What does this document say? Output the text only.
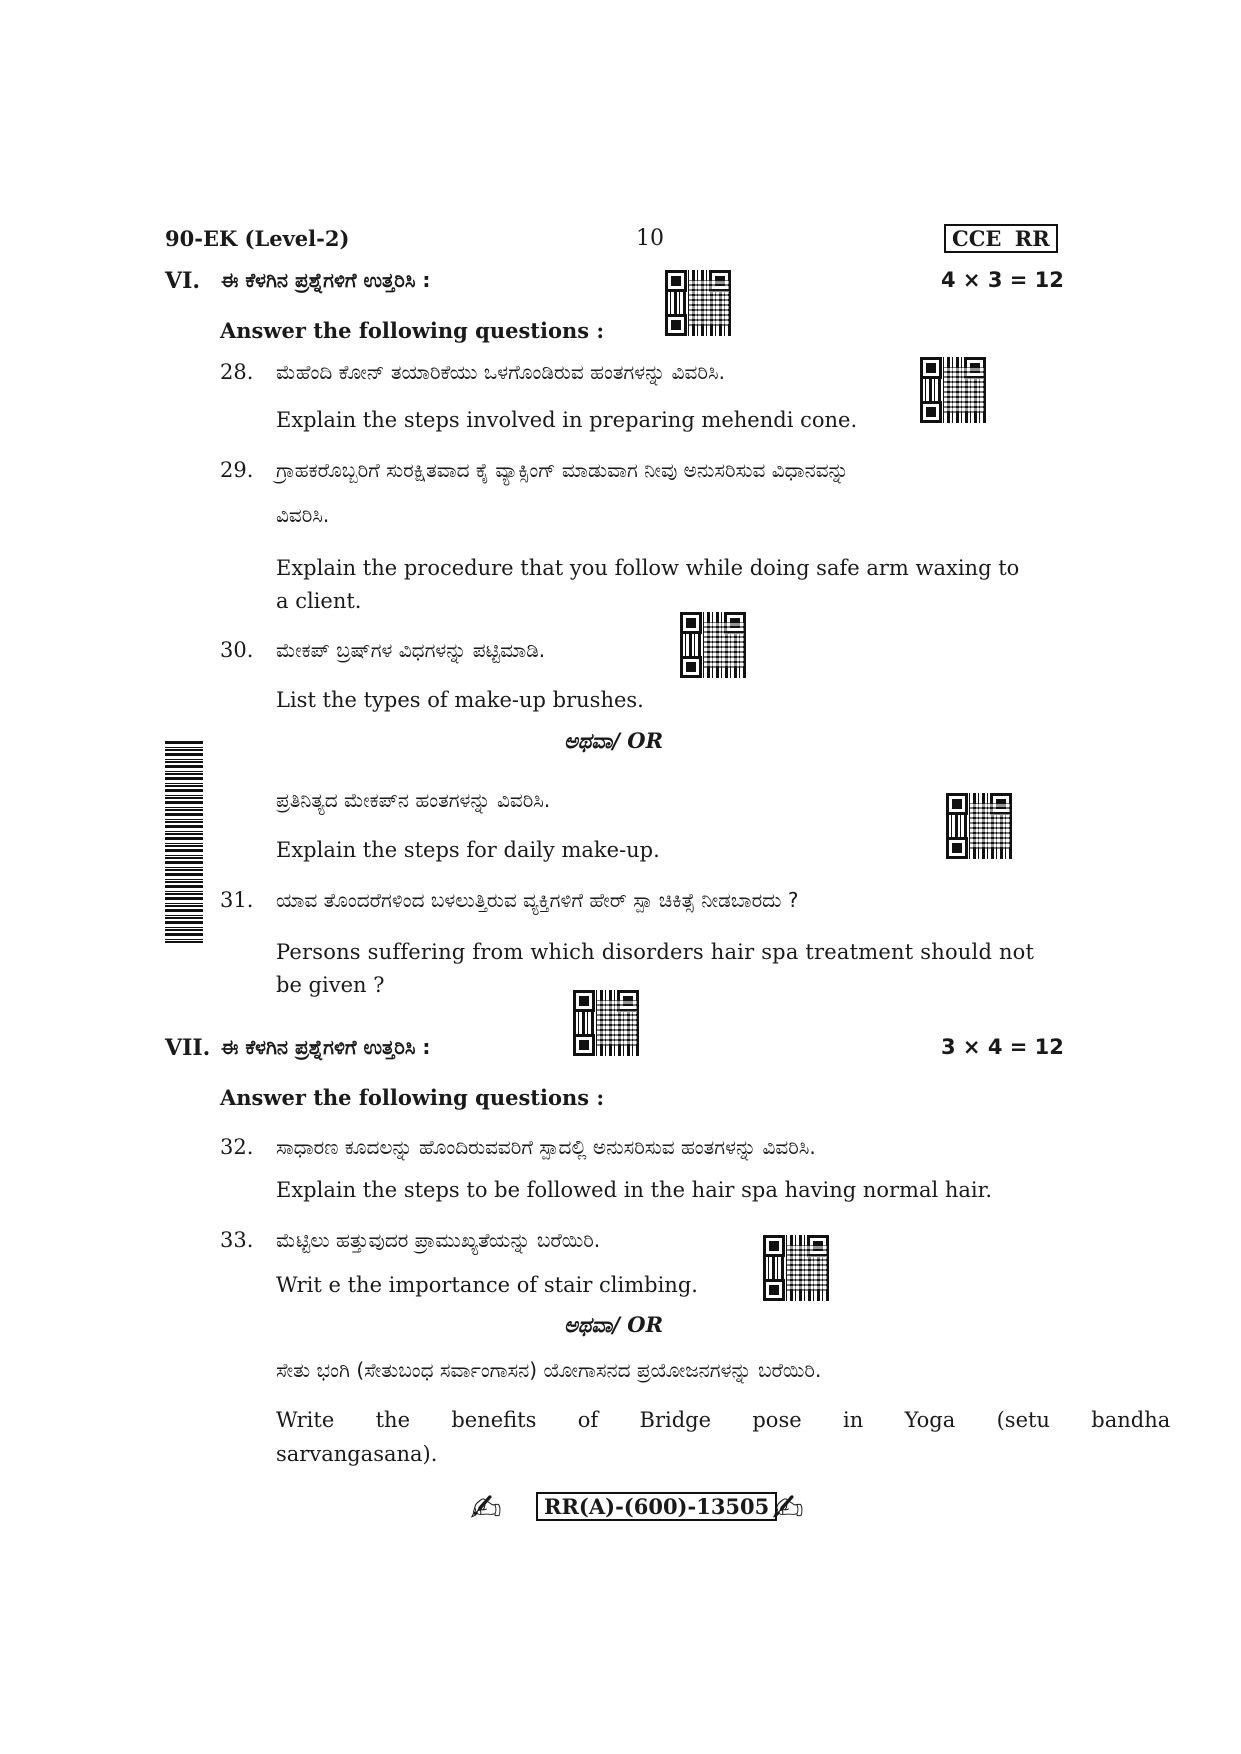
90-EK (Level-2)	10	CCE RR
VI. ಈ ಕೆಳಗಿನ ಪ್ರಶ್ನೆಗಳಿಗೆ ಉತ್ತರಿಸಿ :	4 × 3 = 12
Answer the following questions :
28. ಮೆಹೆಂದಿ ಕೋನ್ ತಯಾರಿಕೆಯು ಒಳಗೊಂಡಿರುವ ಹಂತಗಳನ್ನು ವಿವರಿಸಿ.
Explain the steps involved in preparing mehendi cone.
29. ಗ್ರಾಹಕರೊಬ್ಬರಿಗೆ ಸುರಕ್ಷಿತವಾದ ಕೈ ವ್ಯಾಕ್ಸಿಂಗ್ ಮಾಡುವಾಗ ನೀವು ಅನುಸರಿಸುವ ವಿಧಾನವನ್ನು
ವಿವರಿಸಿ.
Explain the procedure that you follow while doing safe arm waxing to
a client.
30. ಮೇಕಪ್ ಬ್ರಷ್‌ಗಳ ವಿಧಗಳನ್ನು ಪಟ್ಟಿಮಾಡಿ.
List the types of make-up brushes.
ಅಥವಾ/ OR
ಪ್ರತಿನಿತ್ಯದ ಮೇಕಪ್‌ನ ಹಂತಗಳನ್ನು ವಿವರಿಸಿ.
Explain the steps for daily make-up.
31. ಯಾವ ತೊಂದರೆಗಳಿಂದ ಬಳಲುತ್ತಿರುವ ವ್ಯಕ್ತಿಗಳಿಗೆ ಹೇರ್ ಸ್ಪಾ ಚಿಕಿತ್ಸೆ ನೀಡಬಾರದು ?
Persons suffering from which disorders hair spa treatment should not
be given ?
VII. ಈ ಕೆಳಗಿನ ಪ್ರಶ್ನೆಗಳಿಗೆ ಉತ್ತರಿಸಿ :	3 × 4 = 12
Answer the following questions :
32. ಸಾಧಾರಣ ಕೂದಲನ್ನು ಹೊಂದಿರುವವರಿಗೆ ಸ್ಪಾದಲ್ಲಿ ಅನುಸರಿಸುವ ಹಂತಗಳನ್ನು ವಿವರಿಸಿ.
Explain the steps to be followed in the hair spa having normal hair.
33. ಮೆಟ್ಟಿಲು ಹತ್ತುವುದರ ಪ್ರಾಮುಖ್ಯತೆಯನ್ನು ಬರೆಯಿರಿ.
Writ e the importance of stair climbing.
ಅಥವಾ/ OR
ಸೇತು ಭಂಗಿ (ಸೇತುಬಂಧ ಸರ್ವಾಂಗಾಸನ) ಯೋಗಾಸನದ ಪ್ರಯೋಜನಗಳನ್ನು ಬರೆಯಿರಿ.
Write  the  benefits  of  Bridge  pose  in  Yoga  (setu  bandha
sarvangasana).
✍	RR(A)-(600)-13505 ✍
